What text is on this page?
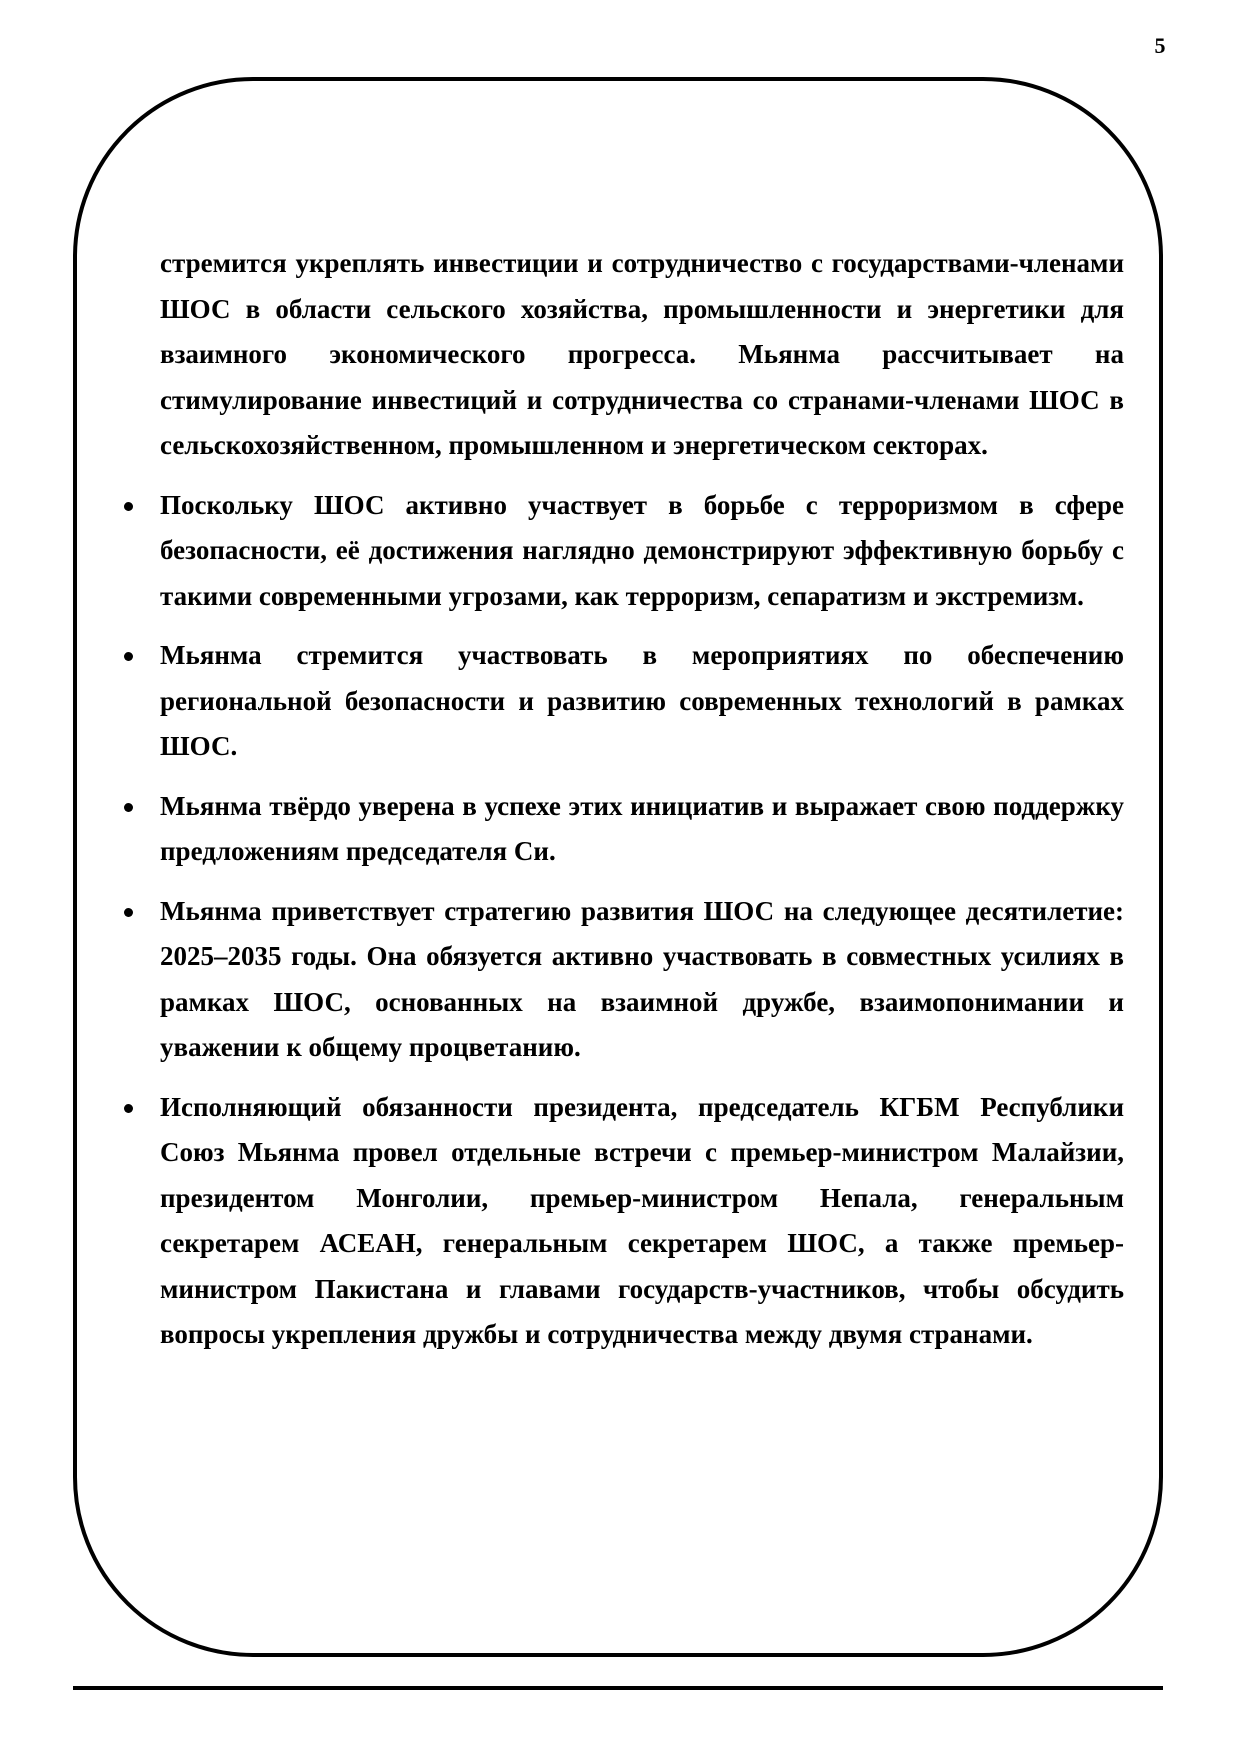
5

стремится укреплять инвестиции и сотрудничество с государствами-членами ШОС в области сельского хозяйства, промышленности и энергетики для взаимного экономического прогресса. Мьянма рассчитывает на стимулирование инвестиций и сотрудничества со странами-членами ШОС в сельскохозяйственном, промышленном и энергетическом секторах.

Поскольку ШОС активно участвует в борьбе с терроризмом в сфере безопасности, её достижения наглядно демонстрируют эффективную борьбу с такими современными угрозами, как терроризм, сепаратизм и экстремизм.
Мьянма стремится участвовать в мероприятиях по обеспечению региональной безопасности и развитию современных технологий в рамках ШОС.
Мьянма твёрдо уверена в успехе этих инициатив и выражает свою поддержку предложениям председателя Си.
Мьянма приветствует стратегию развития ШОС на следующее десятилетие: 2025–2035 годы. Она обязуется активно участвовать в совместных усилиях в рамках ШОС, основанных на взаимной дружбе, взаимопонимании и уважении к общему процветанию.
Исполняющий обязанности президента, председатель КГБМ Республики Союз Мьянма провел отдельные встречи с премьер-министром Малайзии, президентом Монголии, премьер-министром Непала, генеральным секретарем АСЕАН, генеральным секретарем ШОС, а также премьер-министром Пакистана и главами государств-участников, чтобы обсудить вопросы укрепления дружбы и сотрудничества между двумя странами.
